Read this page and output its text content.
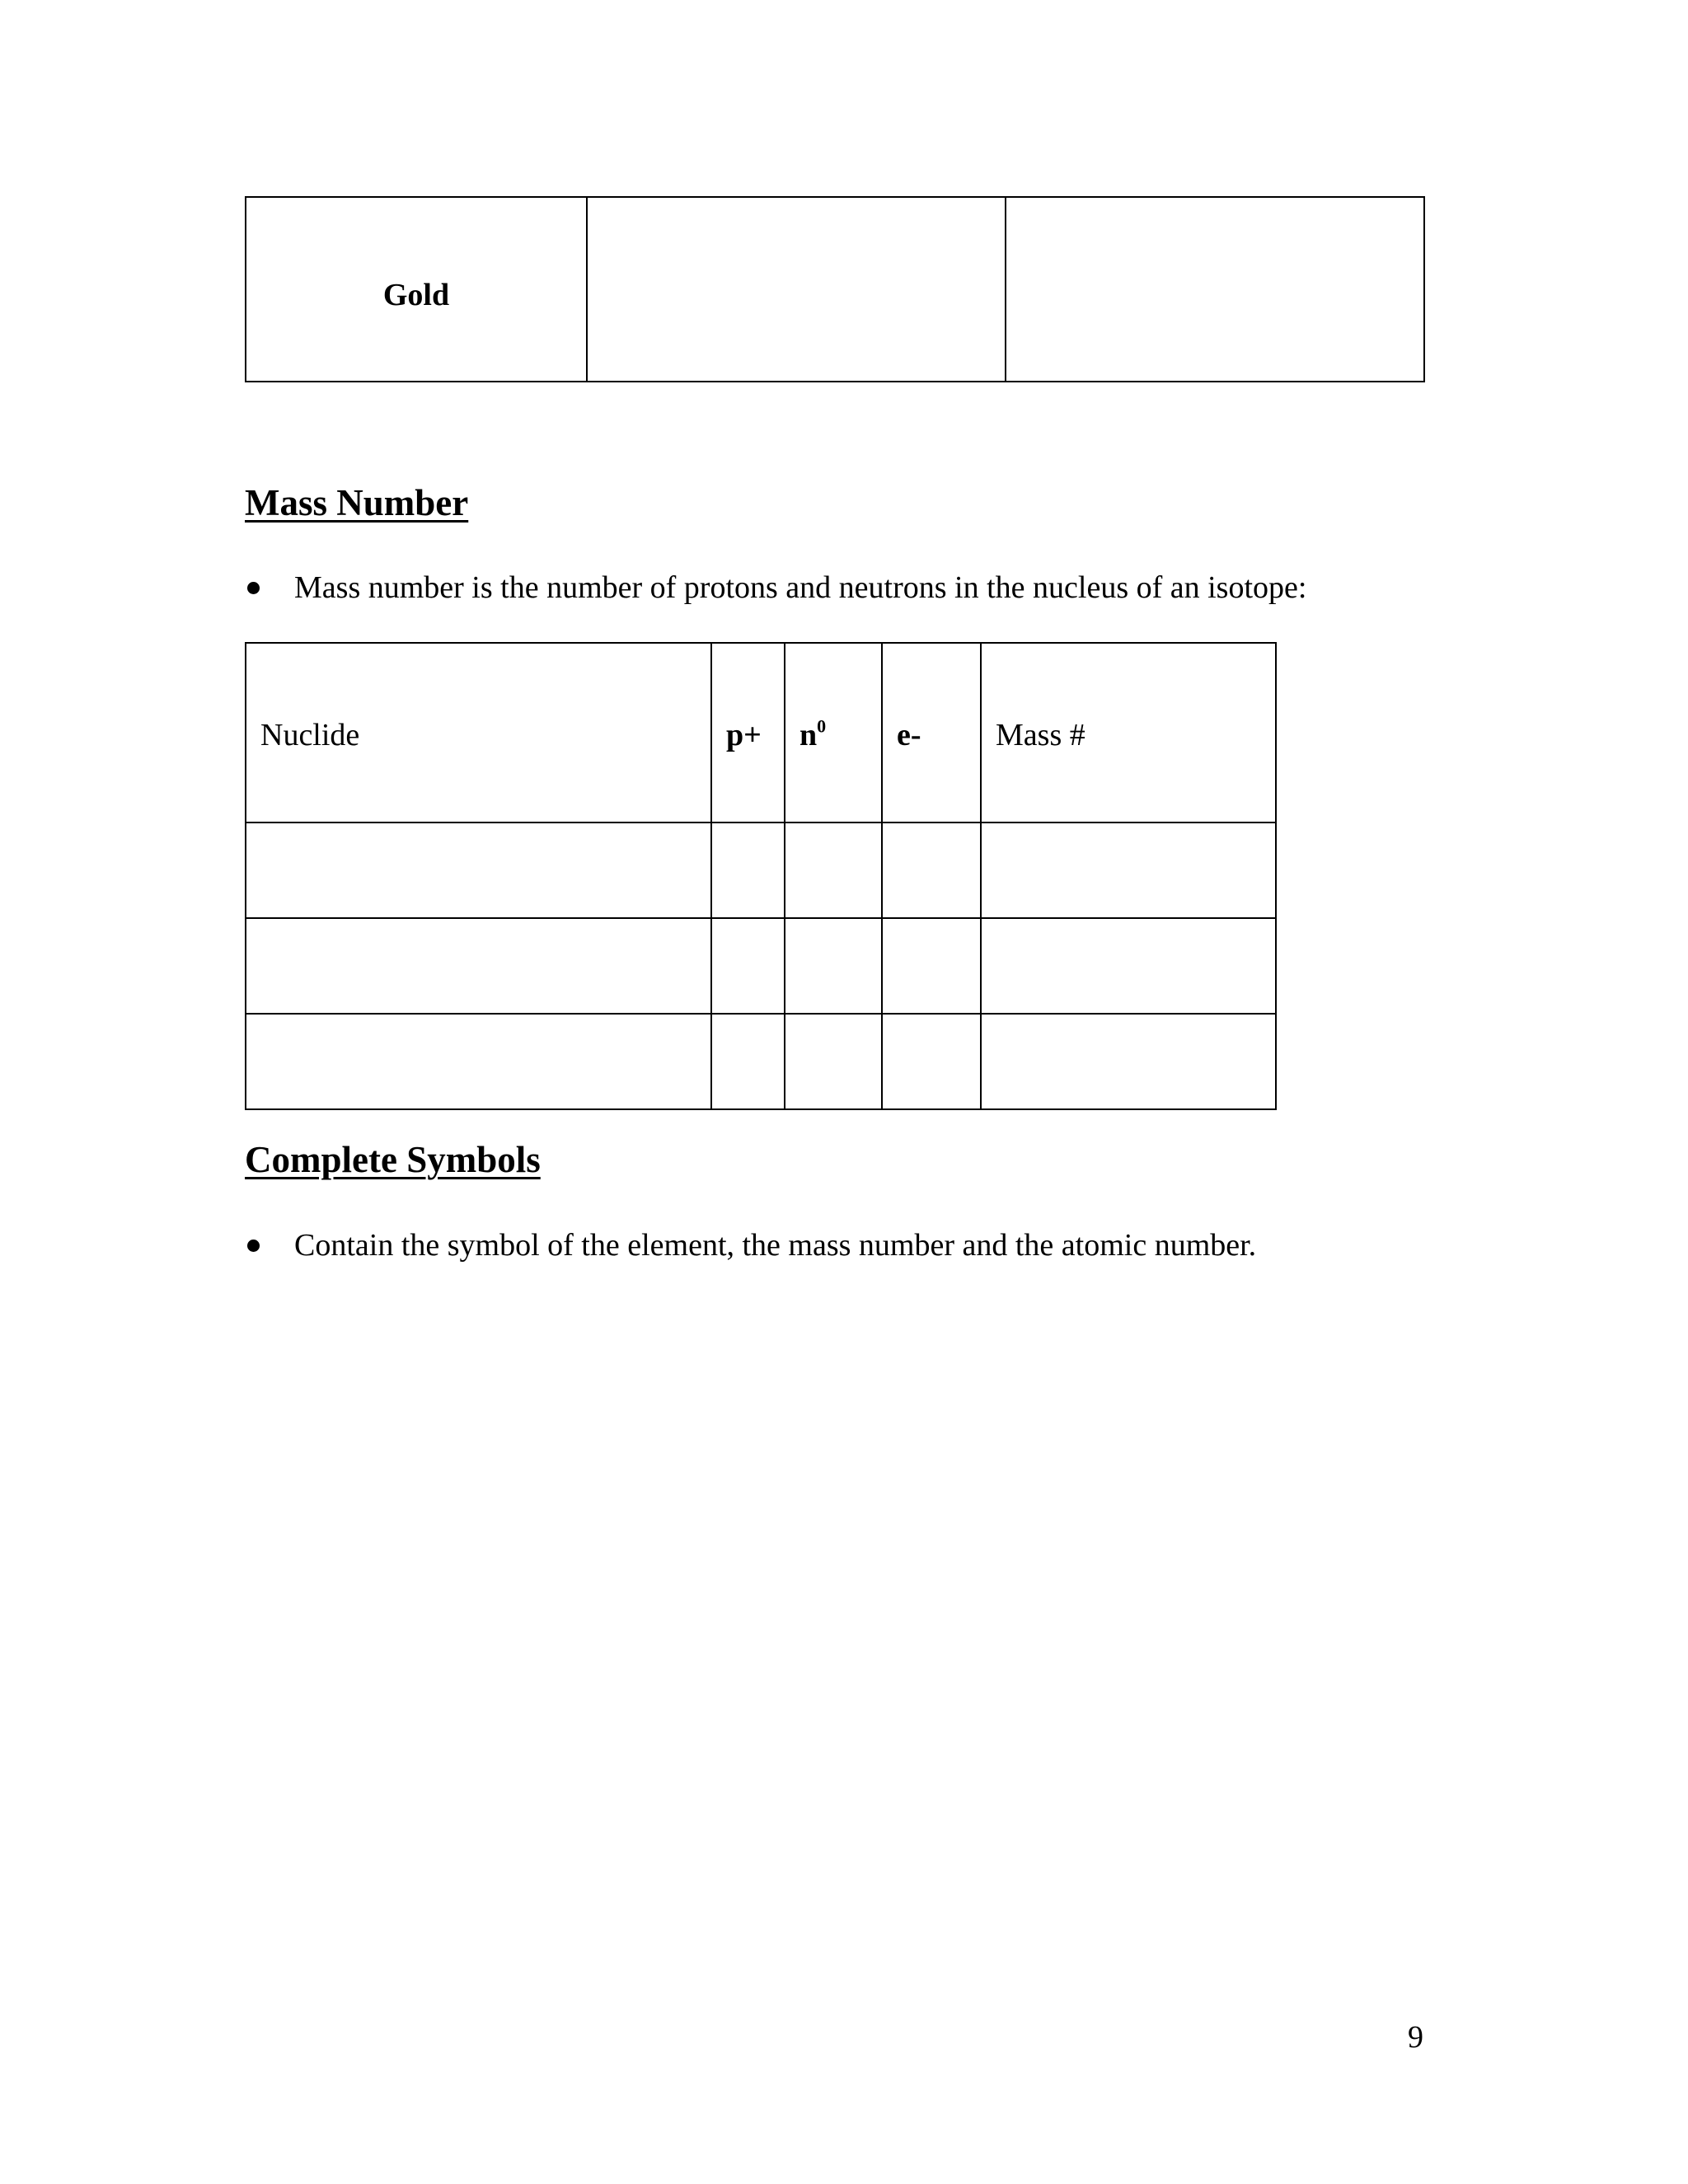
Gold		
Mass Number
Mass number is the number of protons and neutrons in the nucleus of an isotope:
Nuclide	p+	$n^0$	e-	Mass #

Complete Symbols
Contain the symbol of the element, the mass number and the atomic number.
9
